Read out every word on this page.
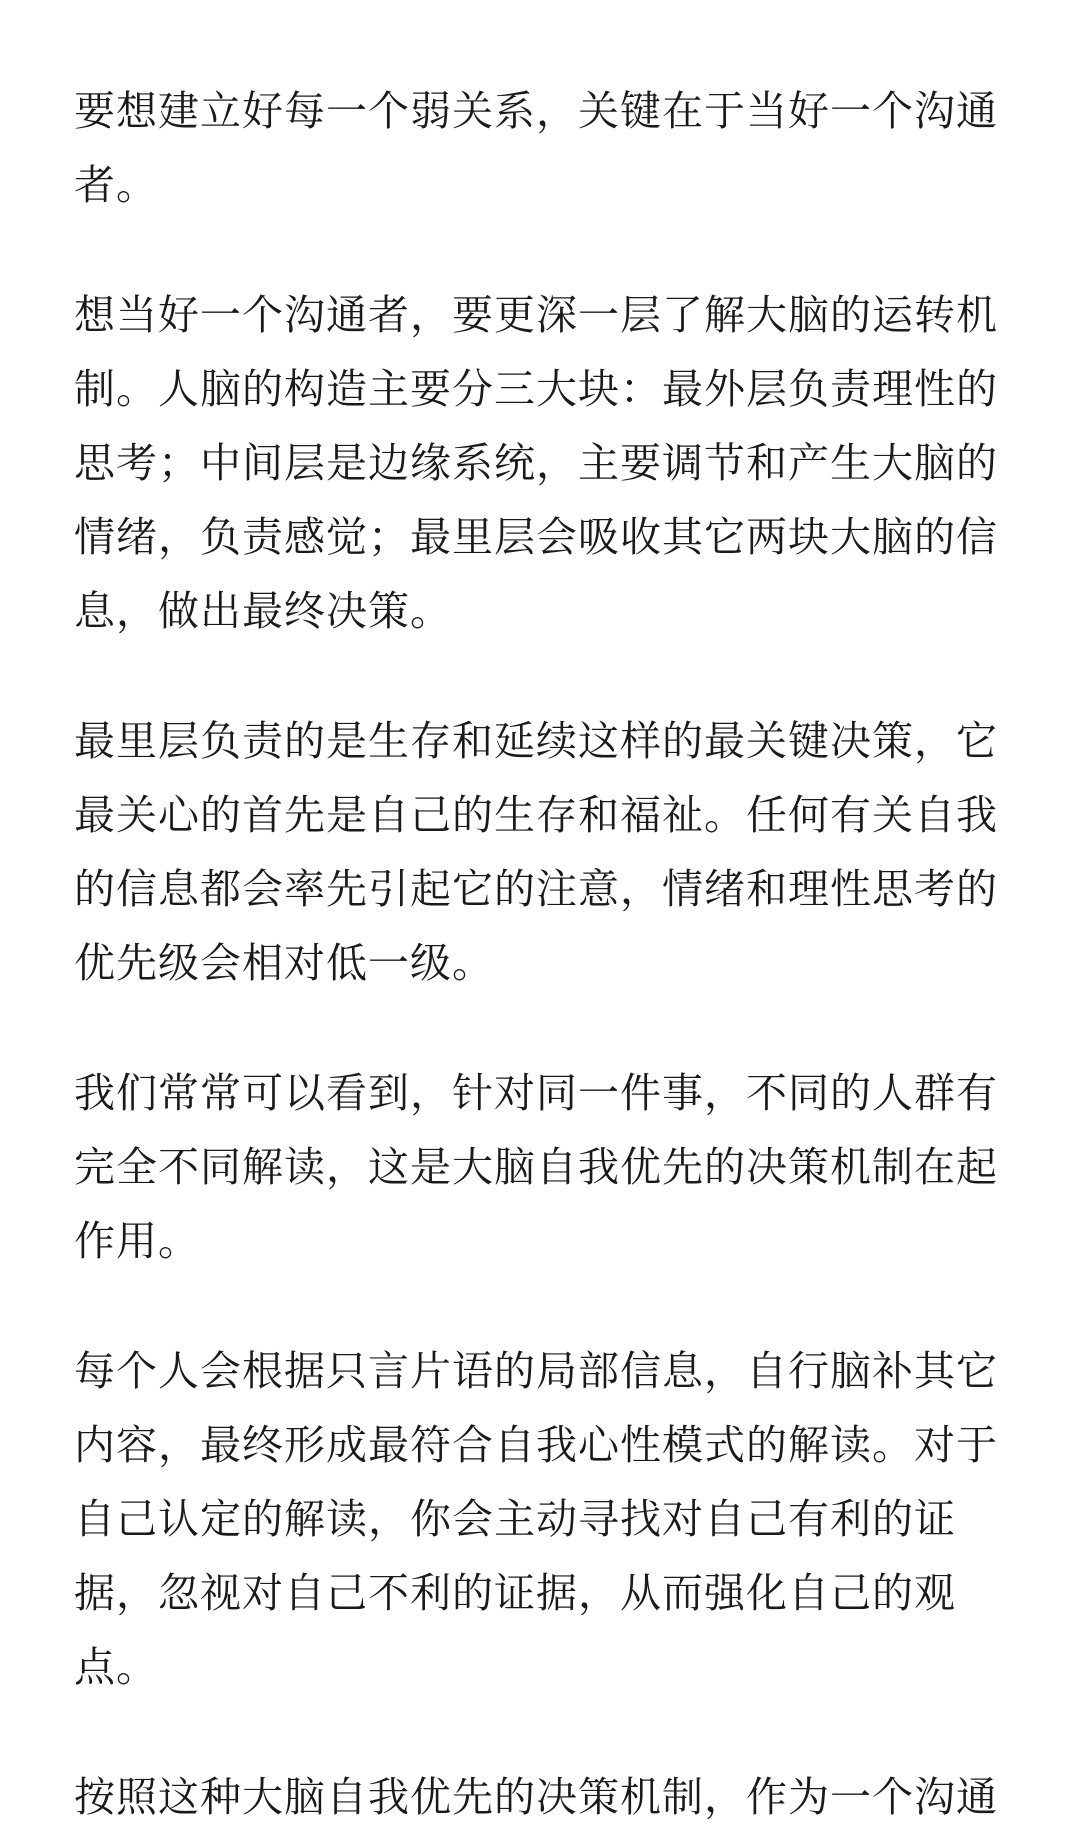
要想建立好每一个弱关系，关键在于当好一个沟通者。

想当好一个沟通者，要更深一层了解大脑的运转机制。人脑的构造主要分三大块：最外层负责理性的思考；中间层是边缘系统，主要调节和产生大脑的情绪，负责感觉；最里层会吸收其它两块大脑的信息，做出最终决策。

最里层负责的是生存和延续这样的最关键决策，它最关心的首先是自己的生存和福祉。任何有关自我的信息都会率先引起它的注意，情绪和理性思考的优先级会相对低一级。

我们常常可以看到，针对同一件事，不同的人群有完全不同解读，这是大脑自我优先的决策机制在起作用。

每个人会根据只言片语的局部信息，自行脑补其它内容，最终形成最符合自我心性模式的解读。对于自己认定的解读，你会主动寻找对自己有利的证据，忽视对自己不利的证据，从而强化自己的观点。

按照这种大脑自我优先的决策机制，作为一个沟通
